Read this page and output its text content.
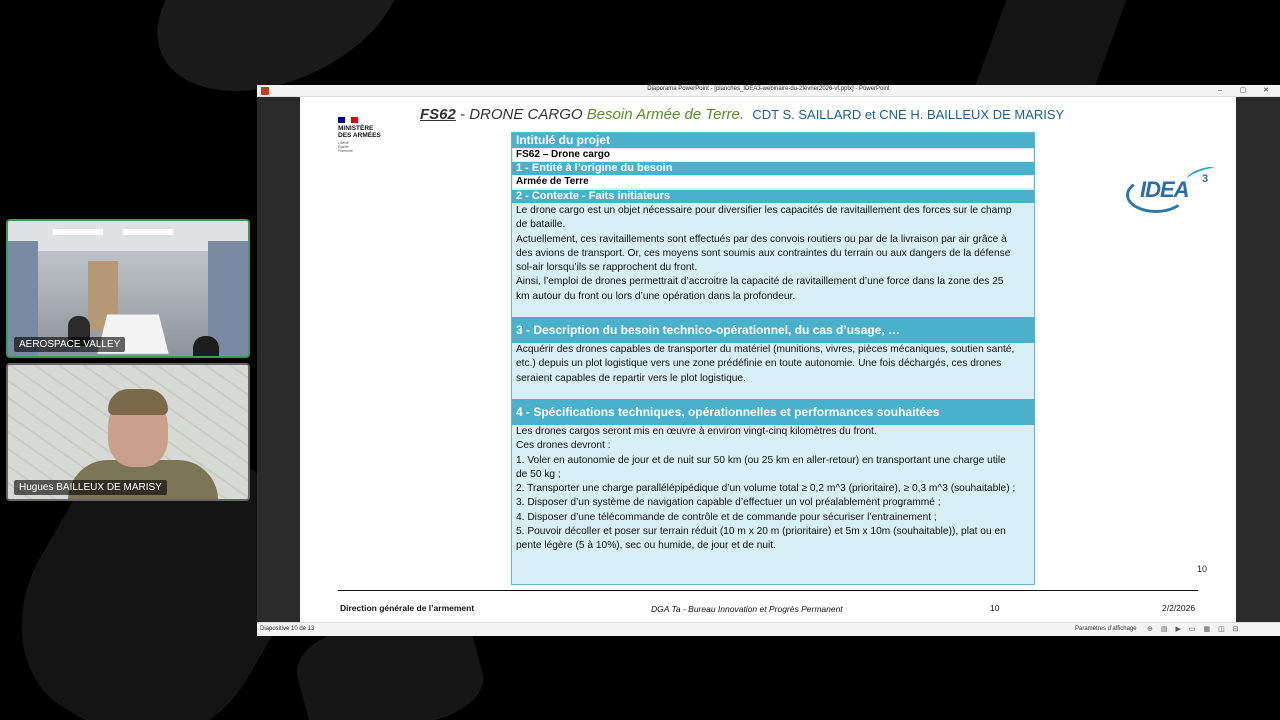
AEROSPACE VALLEY
Hugues BAILLEUX DE MARISY
Diaporama PowerPoint - [planches_IDEA3-webinaire-du-2février2026-vf.pptx] - PowerPoint	–	▢	✕
FS62 - DRONE CARGO Besoin Armée de Terre. CDT S. SAILLARD et CNE H. BAILLEUX DE MARISY
MINISTÈRE
DES ARMÉES
Liberté
Égalité
Fraternité
IDEA 3
Intitulé du projet
FS62 – Drone cargo
1 - Entité à l’origine du besoin
Armée de Terre
2 - Contexte - Faits initiateurs
Le drone cargo est un objet nécessaire pour diversifier les capacités de ravitaillement des forces sur le champ de bataille.
Actuellement, ces ravitaillements sont effectués par des convois routiers ou par de la livraison par air grâce à des avions de transport. Or, ces moyens sont soumis aux contraintes du terrain ou aux dangers de la défense sol-air lorsqu’ils se rapprochent du front.
Ainsi, l’emploi de drones permettrait d’accroitre la capacité de ravitaillement d’une force dans la zone des 25 km autour du front ou lors d’une opération dans la profondeur.
3 - Description du besoin technico-opérationnel, du cas d’usage, …
Acquérir des drones capables de transporter du matériel (munitions, vivres, pièces mécaniques, soutien santé, etc.) depuis un plot logistique vers une zone prédéfinie en toute autonomie. Une fois déchargés, ces drones seraient capables de repartir vers le plot logistique.
4 - Spécifications techniques, opérationnelles et performances souhaitées
Les drones cargos seront mis en œuvre à environ vingt-cinq kilomètres du front.
Ces drones devront :
1. Voler en autonomie de jour et de nuit sur 50 km (ou 25 km en aller-retour) en transportant une charge utile de 50 kg ;
2. Transporter une charge parallélépipédique d’un volume total ≥ 0,2 m^3 (prioritaire), ≥ 0,3 m^3 (souhaitable) ;
3. Disposer d’un système de navigation capable d’effectuer un vol préalablement programmé ;
4. Disposer d’une télécommande de contrôle et de commande pour sécuriser l’entrainement ;
5. Pouvoir décoller et poser sur terrain réduit (10 m x 20 m (prioritaire) et 5m x 10m (souhaitable)), plat ou en pente légère (5 à 10%), sec ou humide, de jour et de nuit.
10
Direction générale de l’armement	DGA Ta - Bureau Innovation et Progrès Permanent	10	2/2/2026
Diapositive 10 de 13	Paramètres d’affichage ⊕▤▶▭▦◫⊟
